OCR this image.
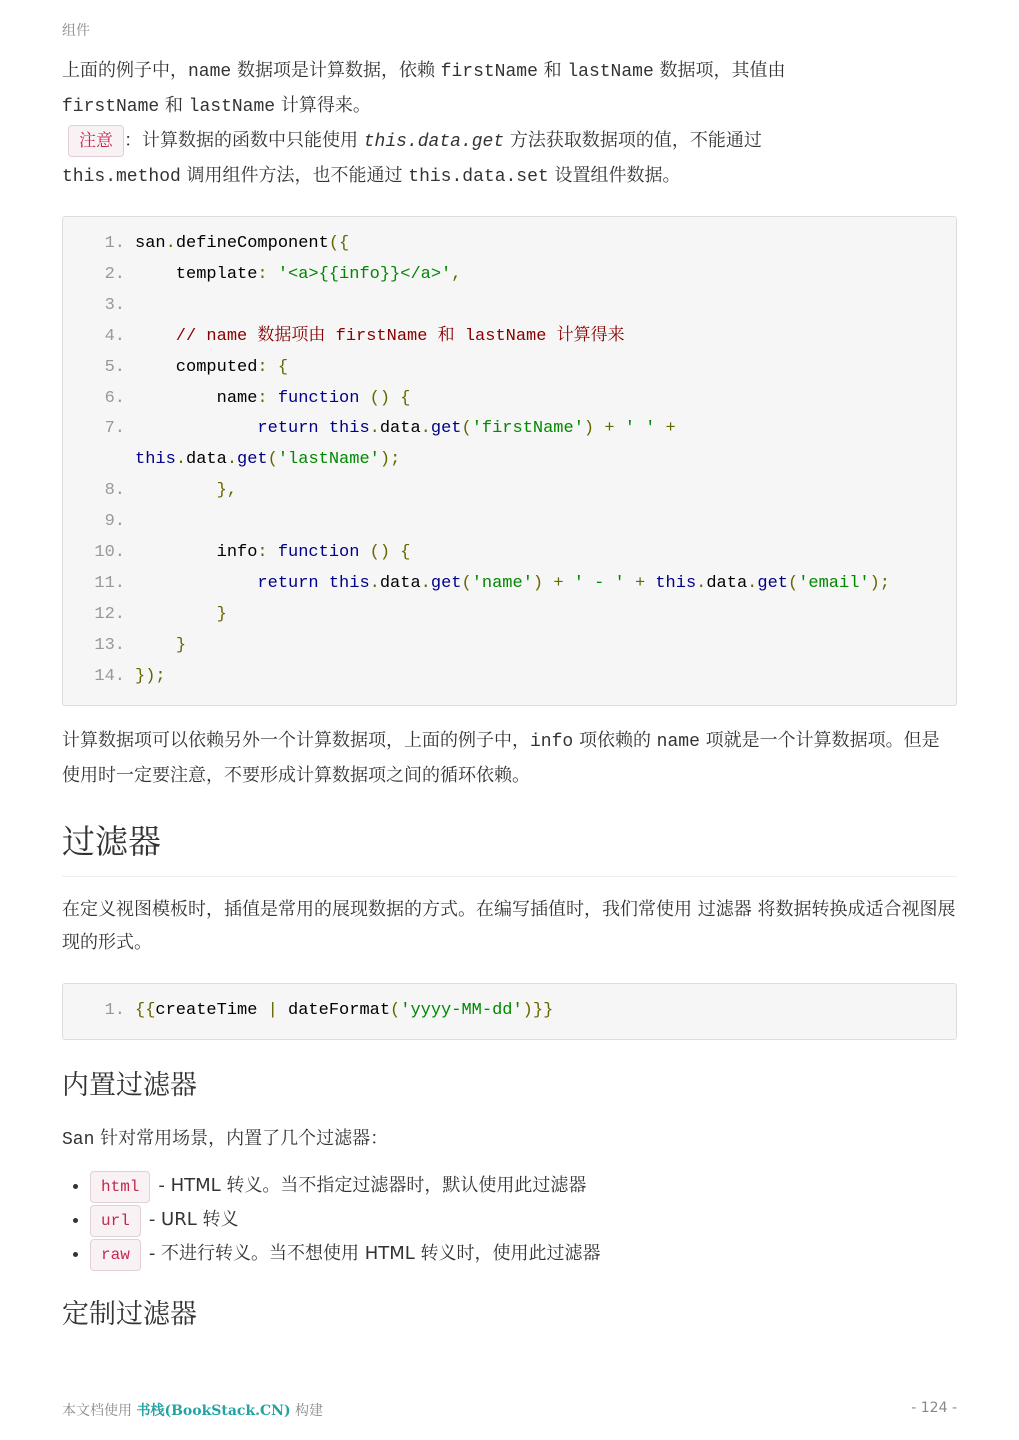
组件

上面的例子中，name 数据项是计算数据，依赖 firstName 和 lastName 数据项，其值由
firstName 和 lastName 计算得来。

注意 ：计算数据的函数中只能使用 this.data.get 方法获取数据项的值，不能通过
this.method 调用组件方法，也不能通过 this.data.set 设置组件数据。

1. san.defineComponent({
2. template: '<a>{{info}}</a>',
3.

4. // name 数据项由 firstName 和 lastName 计算得来
5. computed: {
6. name: function () {
7.	return this.data.get('firstName') + ' ' +
this.data.get('lastName');
8.	},
9.

10. info: function () {
11.	return this.data.get('name') + ' - ' + this.data.get('email');
12.	}
13.	}
14. });

计算数据项可以依赖另外一个计算数据项，上面的例子中，info 项依赖的 name 项就是一个计算数据项。但是使用时一定要注意，不要形成计算数据项之间的循环依赖。

过滤器

在定义视图模板时，插值是常用的展现数据的方式。在编写插值时，我们常使用 过滤器 将数据转换成适合视图展现的形式。

1. {{createTime | dateFormat('yyyy-MM-dd')}}
内置过滤器

San 针对常用场景，内置了几个过滤器：

• html - HTML 转义。当不指定过滤器时，默认使用此过滤器
• url - URL 转义
• raw - 不进行转义。当不想使用 HTML 转义时，使用此过滤器
定制过滤器
本文档使用 书栈(BookStack.CN) 构建	- 124 -
